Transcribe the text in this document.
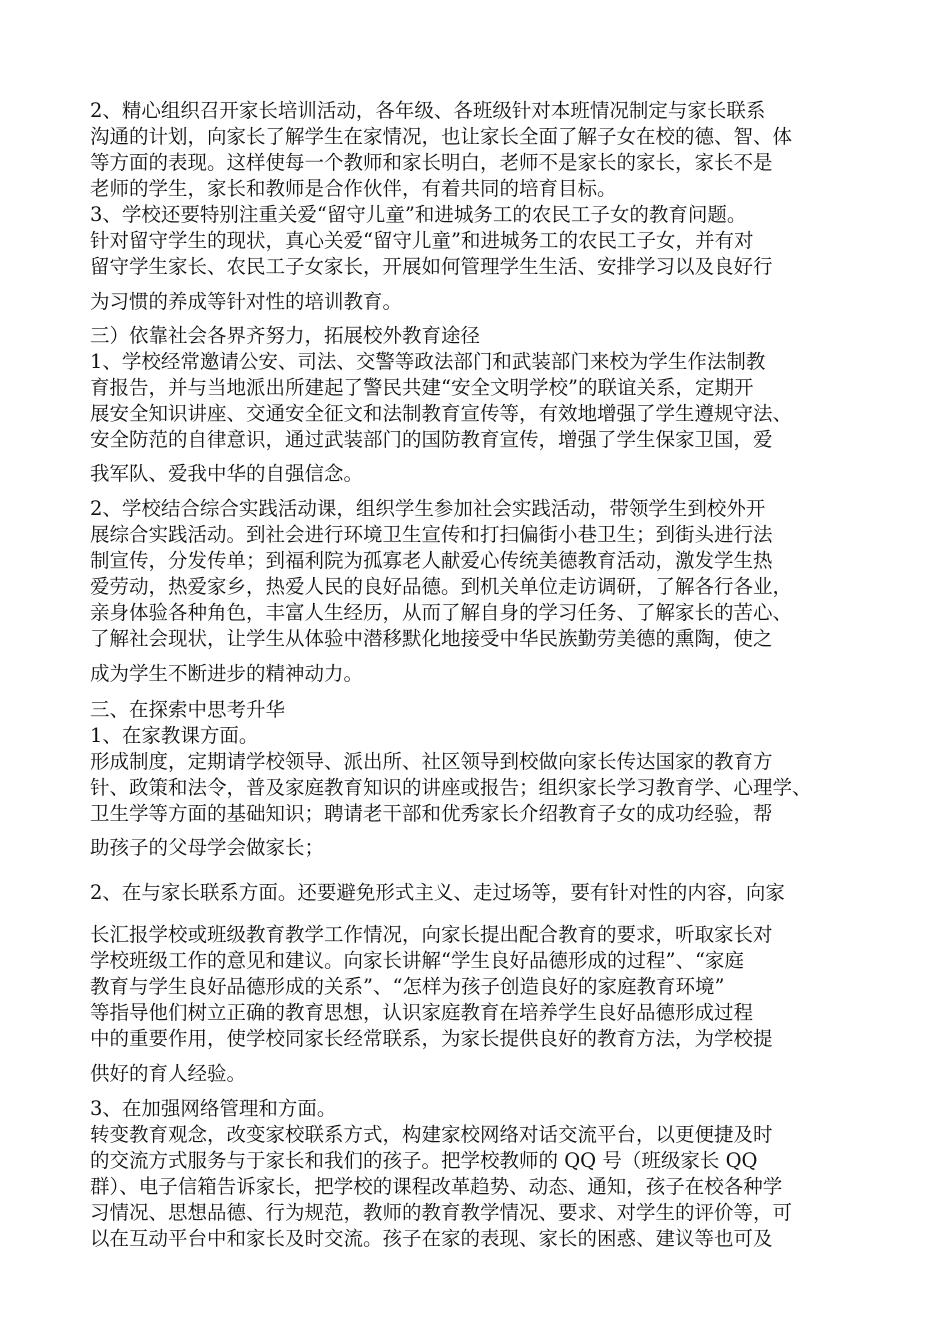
2、精心组织召开家长培训活动，各年级、各班级针对本班情况制定与家长联系
沟通的计划，向家长了解学生在家情况，也让家长全面了解子女在校的德、智、体
等方面的表现。这样使每一个教师和家长明白，老师不是家长的家长，家长不是
老师的学生，家长和教师是合作伙伴，有着共同的培育目标。
3、学校还要特别注重关爱“留守儿童”和进城务工的农民工子女的教育问题。
针对留守学生的现状，真心关爱“留守儿童”和进城务工的农民工子女，并有对
留守学生家长、农民工子女家长，开展如何管理学生生活、安排学习以及良好行
为习惯的养成等针对性的培训教育。
三）依靠社会各界齐努力，拓展校外教育途径
1、学校经常邀请公安、司法、交警等政法部门和武装部门来校为学生作法制教
育报告，并与当地派出所建起了警民共建“安全文明学校”的联谊关系，定期开
展安全知识讲座、交通安全征文和法制教育宣传等，有效地增强了学生遵规守法、
安全防范的自律意识，通过武装部门的国防教育宣传，增强了学生保家卫国，爱
我军队、爱我中华的自强信念。
2、学校结合综合实践活动课，组织学生参加社会实践活动，带领学生到校外开
展综合实践活动。到社会进行环境卫生宣传和打扫偏街小巷卫生；到街头进行法
制宣传，分发传单；到福利院为孤寡老人献爱心传统美德教育活动，激发学生热
爱劳动，热爱家乡，热爱人民的良好品德。到机关单位走访调研，了解各行各业，
亲身体验各种角色，丰富人生经历，从而了解自身的学习任务、了解家长的苦心、
了解社会现状，让学生从体验中潜移默化地接受中华民族勤劳美德的熏陶，使之
成为学生不断进步的精神动力。
三、在探索中思考升华
1、在家教课方面。
形成制度，定期请学校领导、派出所、社区领导到校做向家长传达国家的教育方
针、政策和法令，普及家庭教育知识的讲座或报告；组织家长学习教育学、心理学、
卫生学等方面的基础知识；聘请老干部和优秀家长介绍教育子女的成功经验，帮
助孩子的父母学会做家长；
2、在与家长联系方面。还要避免形式主义、走过场等，要有针对性的内容，向家
长汇报学校或班级教育教学工作情况，向家长提出配合教育的要求，听取家长对
学校班级工作的意见和建议。向家长讲解“学生良好品德形成的过程”、“家庭
教育与学生良好品德形成的关系”、“怎样为孩子创造良好的家庭教育环境”
等指导他们树立正确的教育思想，认识家庭教育在培养学生良好品德形成过程
中的重要作用，使学校同家长经常联系，为家长提供良好的教育方法，为学校提
供好的育人经验。
3、在加强网络管理和方面。
转变教育观念，改变家校联系方式，构建家校网络对话交流平台，以更便捷及时
的交流方式服务与于家长和我们的孩子。把学校教师的 QQ 号（班级家长 QQ
群）、电子信箱告诉家长，把学校的课程改革趋势、动态、通知，孩子在校各种学
习情况、思想品德、行为规范，教师的教育教学情况、要求、对学生的评价等，可
以在互动平台中和家长及时交流。孩子在家的表现、家长的困惑、建议等也可及
